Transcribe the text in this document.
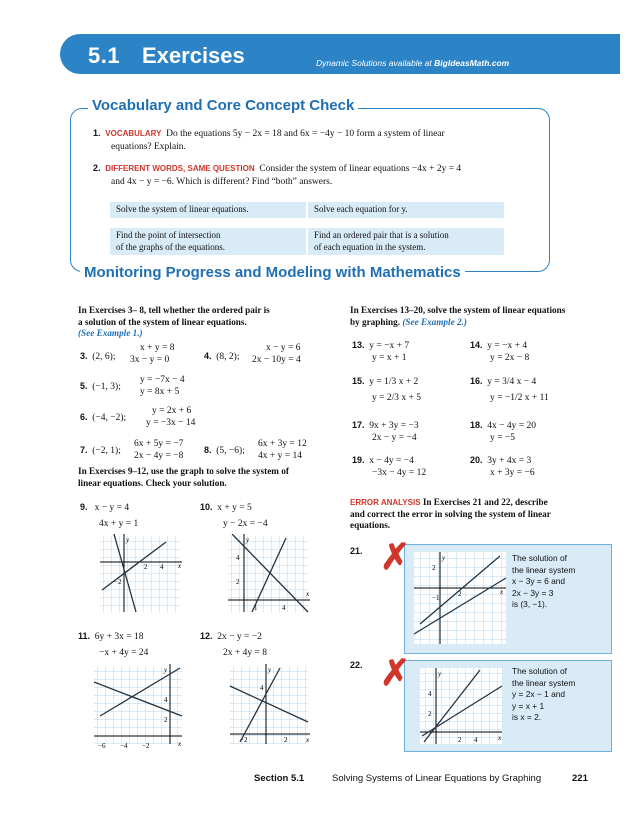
5.1 Exercises	Dynamic Solutions available at BigIdeasMath.com
Vocabulary and Core Concept Check
1. VOCABULARY Do the equations 5y − 2x = 18 and 6x = −4y − 10 form a system of linear
equations? Explain.
2. DIFFERENT WORDS, SAME QUESTION Consider the system of linear equations −4x + 2y = 4
and 4x − y = −6. Which is different? Find “both” answers.
Solve the system of linear equations.	Solve each equation for y.
Find the point of intersection
of the graphs of the equations.
Find an ordered pair that is a solution
of each equation in the system.
Monitoring Progress and Modeling with Mathematics
In Exercises 3– 8, tell whether the ordered pair is
a solution of the system of linear equations.
(See Example 1.)
3. (2, 6);
x + y = 8
3x − y = 0	4. (8, 2);
x − y = 6
2x − 10y = 4
5. (−1, 3);
y = −7x − 4
y = 8x + 5
6. (−4, −2);
y = 2x + 6
y = −3x − 14
7. (−2, 1);
6x + 5y = −7
2x − 4y = −8
8. (5, −6);
6x + 3y = 12
4x + y = 14
In Exercises 9–12, use the graph to solve the system of
linear equations. Check your solution.
9. x − y = 4
4x + y = 1
10. x + y = 5
y − 2x = −4
11. 6y + 3x = 18
−x + 4y = 24
12. 2x − y = −2
2x + 4y = 8
y
x
2 4
−2
y
x
4
2
1	4
y
x
4
2
−6 −4 −2
y
x
4
−2	2
In Exercises 13–20, solve the system of linear equations
by graphing. (See Example 2.)
13. y = −x + 7
y = x + 1
14. y = −x + 4
y = 2x − 8
15. y = 1/3 x + 2
y = 2/3 x + 5
16. y = 3/4 x − 4
y = −1/2 x + 11
17. 9x + 3y = −3
2x − y = −4
18. 4x − 4y = 20
y = −5
19. x − 4y = −4
−3x − 4y = 12
20. 3y + 4x = 3
x + 3y = −6
ERROR ANALYSIS In Exercises 21 and 22, describe
and correct the error in solving the system of linear
equations.
21. ✗	y
x
2
2
−1
The solution of
the linear system
x − 3y = 6 and
2x − 3y = 3
is (3, −1).
22. ✗	y
x
4
2
2 4
The solution of
the linear system
y = 2x − 1 and
y = x + 1
is x = 2.
Section 5.1	Solving Systems of Linear Equations by Graphing	221
